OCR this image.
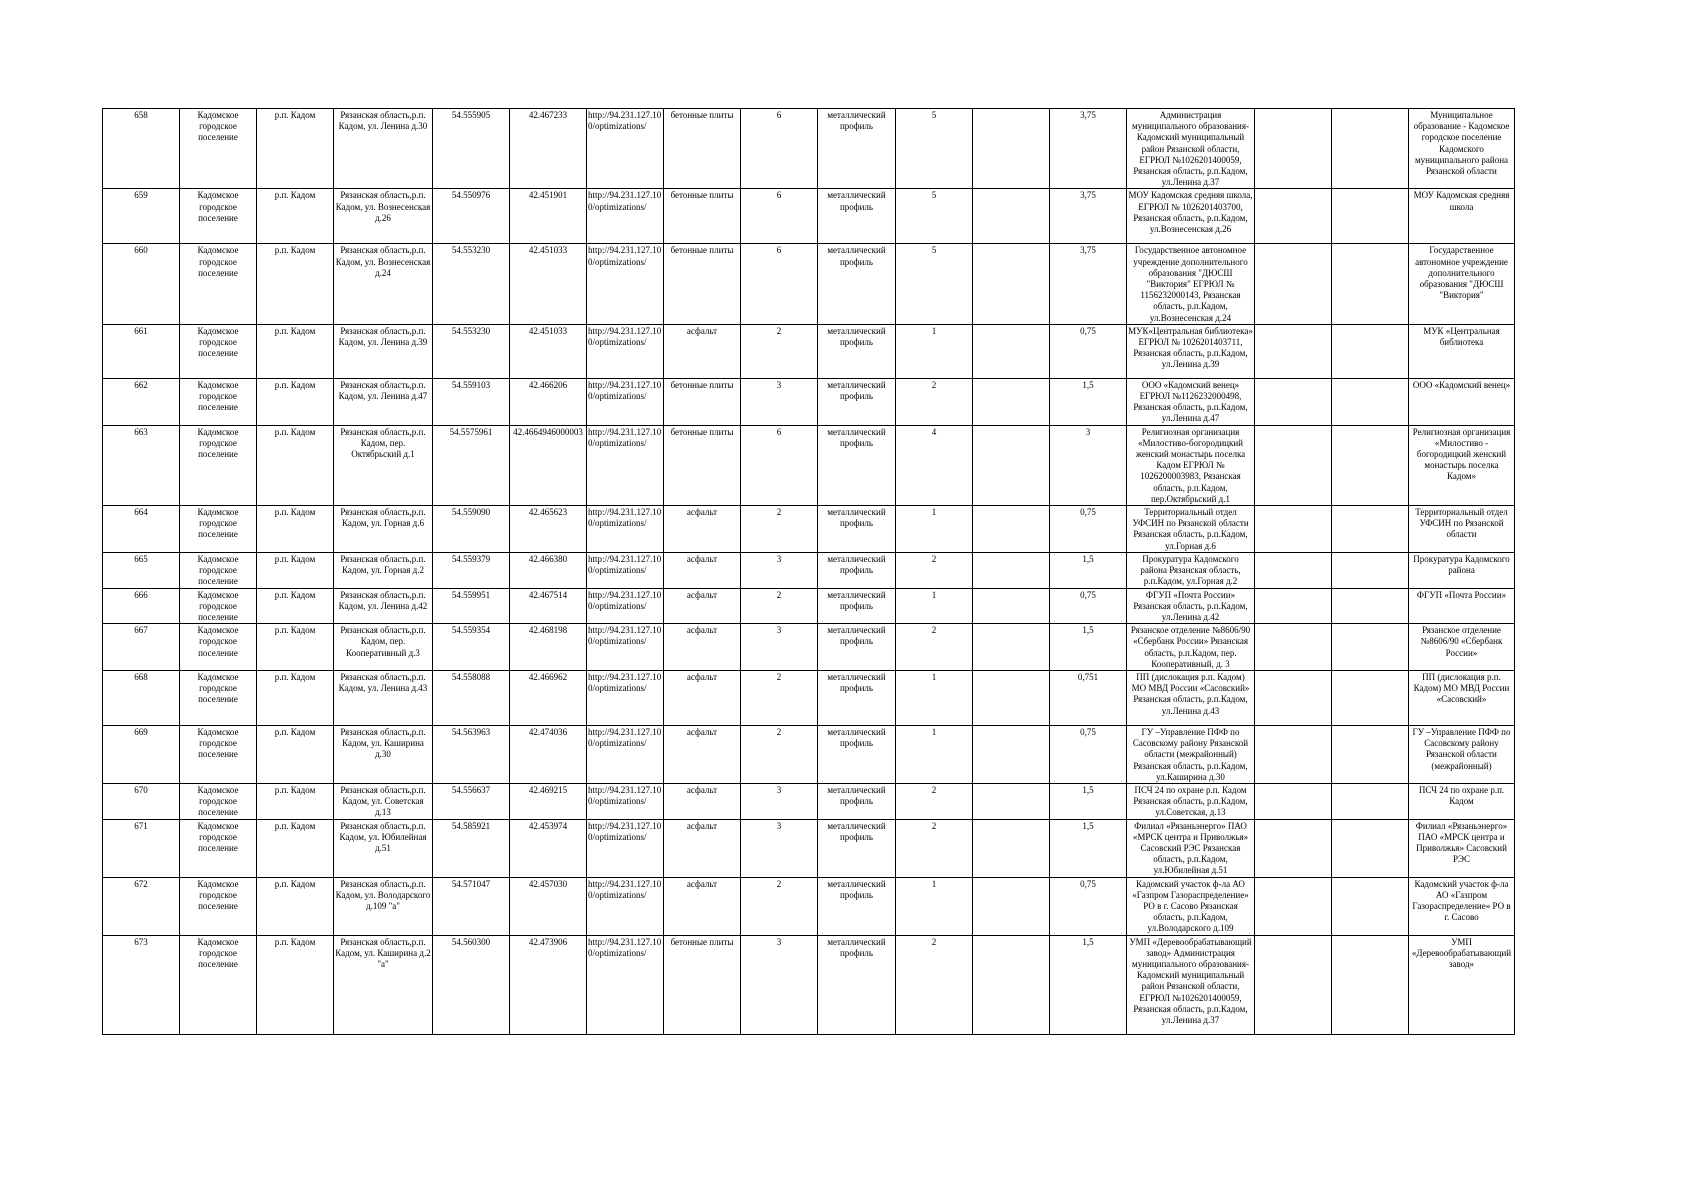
658	Кадомское городское поселение	р.п. Кадом	Рязанская область,р.п. Кадом, ул. Ленина д.30	54.555905	42.467233	http://94.231.127.10 0/optimizations/	бетонные плиты	6	металлический профиль	5		3,75	Администрация муниципального образования-Кадомский муниципальный район Рязанской области, ЕГРЮЛ №1026201400059, Рязанская область, р.п.Кадом, ул.Ленина д.37			Муниципальное образование - Кадомское городское поселение Кадомского муниципального района Рязанской области
659	Кадомское городское поселение	р.п. Кадом	Рязанская область,р.п. Кадом, ул. Вознесенская д.26	54.550976	42.451901	http://94.231.127.10 0/optimizations/	бетонные плиты	6	металлический профиль	5		3,75	МОУ Кадомская средняя школа, ЕГРЮЛ № 1026201403700, Рязанская область, р.п.Кадом, ул.Вознесенская д.26			МОУ Кадомская средняя школа
660	Кадомское городское поселение	р.п. Кадом	Рязанская область,р.п. Кадом, ул. Вознесенская д.24	54.553230	42.451033	http://94.231.127.10 0/optimizations/	бетонные плиты	6	металлический профиль	5		3,75	Государственное автономное учреждение дополнительного образования "ДЮСШ "Виктория" ЕГРЮЛ № 1156232000143, Рязанская область, р.п.Кадом, ул.Вознесенская д.24			Государственное автономное учреждение дополнительного образования "ДЮСШ "Виктория"
661	Кадомское городское поселение	р.п. Кадом	Рязанская область,р.п. Кадом, ул. Ленина д.39	54.553230	42.451033	http://94.231.127.10 0/optimizations/	асфальт	2	металлический профиль	1		0,75	МУК«Центральная библиотека» ЕГРЮЛ № 1026201403711, Рязанская область, р.п.Кадом, ул.Ленина д.39			МУК «Центральная библиотека
662	Кадомское городское поселение	р.п. Кадом	Рязанская область,р.п. Кадом, ул. Ленина д.47	54.559103	42.466206	http://94.231.127.10 0/optimizations/	бетонные плиты	3	металлический профиль	2		1,5	ООО «Кадомский венец» ЕГРЮЛ №1126232000498, Рязанская область, р.п.Кадом, ул.Ленина д.47			ООО «Кадомский венец»
663	Кадомское городское поселение	р.п. Кадом	Рязанская область,р.п. Кадом, пер. Октябрьский д.1	54.5575961	42.4664946000003	http://94.231.127.10 0/optimizations/	бетонные плиты	6	металлический профиль	4		3	Религиозная организация «Милостиво-богородицкий женский монастырь поселка Кадом ЕГРЮЛ № 1026200003983, Рязанская область, р.п.Кадом, пер.Октябрьский д.1			Религиозная организация «Милостиво - богородицкий женский монастырь поселка Кадом»
664	Кадомское городское поселение	р.п. Кадом	Рязанская область,р.п. Кадом, ул. Горная д.6	54.559090	42.465623	http://94.231.127.10 0/optimizations/	асфальт	2	металлический профиль	1		0,75	Территориальный отдел УФСИН по Рязанской области Рязанская область, р.п.Кадом, ул.Горная д.6			Территориальный отдел УФСИН по Рязанской области
665	Кадомское городское поселение	р.п. Кадом	Рязанская область,р.п. Кадом, ул. Горная д.2	54.559379	42.466380	http://94.231.127.10 0/optimizations/	асфальт	3	металлический профиль	2		1,5	Прокуратура Кадомского района Рязанская область, р.п.Кадом, ул.Горная д.2			Прокуратура Кадомского района
666	Кадомское городское поселение	р.п. Кадом	Рязанская область,р.п. Кадом, ул. Ленина д.42	54.559951	42.467514	http://94.231.127.10 0/optimizations/	асфальт	2	металлический профиль	1		0,75	ФГУП «Почта России» Рязанская область, р.п.Кадом, ул.Ленина д.42			ФГУП «Почта России»
667	Кадомское городское поселение	р.п. Кадом	Рязанская область,р.п. Кадом, пер. Кооперативный д.3	54.559354	42.468198	http://94.231.127.10 0/optimizations/	асфальт	3	металлический профиль	2		1,5	Рязанское отделение №8606/90 «Сбербанк России» Рязанская область, р.п.Кадом, пер. Кооперативный, д. 3			Рязанское отделение №8606/90 «Сбербанк России»
668	Кадомское городское поселение	р.п. Кадом	Рязанская область,р.п. Кадом, ул. Ленина д.43	54.558088	42.466962	http://94.231.127.10 0/optimizations/	асфальт	2	металлический профиль	1		0,751	ПП (дислокация р.п. Кадом) МО МВД России «Сасовский» Рязанская область, р.п.Кадом, ул.Ленина д.43			ПП (дислокация р.п. Кадом) МО МВД России «Сасовский»
669	Кадомское городское поселение	р.п. Кадом	Рязанская область,р.п. Кадом, ул. Каширина д.30	54.563963	42.474036	http://94.231.127.10 0/optimizations/	асфальт	2	металлический профиль	1		0,75	ГУ –Управление ПФФ по Сасовскому району Рязанской области (межрайонный) Рязанская область, р.п.Кадом, ул.Каширина д.30			ГУ –Управление ПФФ по Сасовскому району Рязанской области (межрайонный)
670	Кадомское городское поселение	р.п. Кадом	Рязанская область,р.п. Кадом, ул. Советская д.13	54.556637	42.469215	http://94.231.127.10 0/optimizations/	асфальт	3	металлический профиль	2		1,5	ПСЧ 24 по охране р.п. Кадом Рязанская область, р.п.Кадом, ул.Советская, д.13			ПСЧ 24 по охране р.п. Кадом
671	Кадомское городское поселение	р.п. Кадом	Рязанская область,р.п. Кадом, ул. Юбилейная д.51	54.585921	42.453974	http://94.231.127.10 0/optimizations/	асфальт	3	металлический профиль	2		1,5	Филиал «Рязаньэнерго» ПАО «МРСК центра и Приволжья» Сасовский РЭС Рязанская область, р.п.Кадом, ул.Юбилейная д.51			Филиал «Рязаньэнерго» ПАО «МРСК центра и Приволжья» Сасовский РЭС
672	Кадомское городское поселение	р.п. Кадом	Рязанская область,р.п. Кадом, ул. Володарского д.109 "а"	54.571047	42.457030	http://94.231.127.10 0/optimizations/	асфальт	2	металлический профиль	1		0,75	Кадомский участок ф-ла АО «Газпром Газораспределение» РО в г. Сасово Рязанская область, р.п.Кадом, ул.Володарского д.109			Кадомский участок ф-ла АО «Газпром Газораспределение» РО в г. Сасово
673	Кадомское городское поселение	р.п. Кадом	Рязанская область,р.п. Кадом, ул. Каширина д.2 "а"	54.560300	42.473906	http://94.231.127.10 0/optimizations/	бетонные плиты	3	металлический профиль	2		1,5	УМП «Деревообрабатывающий завод» Администрация муниципального образования-Кадомский муниципальный район Рязанской области, ЕГРЮЛ №1026201400059, Рязанская область, р.п.Кадом, ул.Ленина д.37			УМП «Деревообрабатывающий завод»
